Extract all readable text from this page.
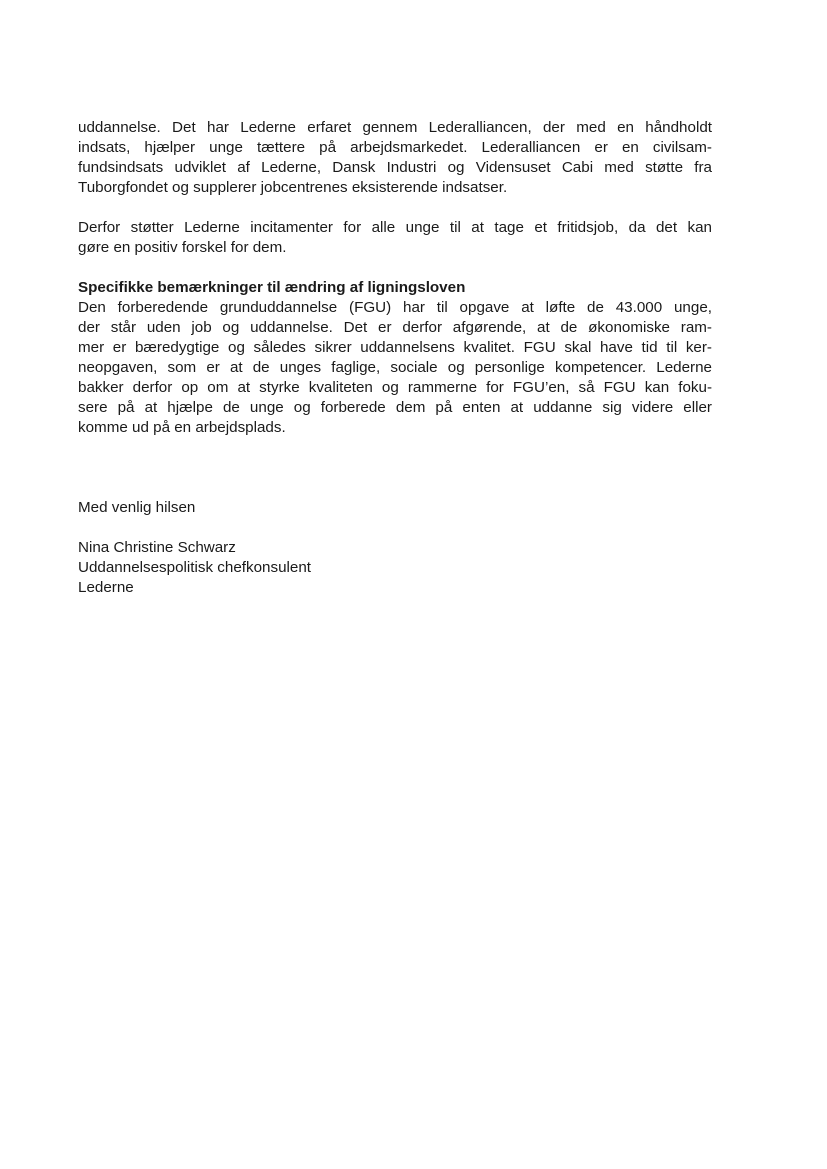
uddannelse. Det har Lederne erfaret gennem Lederalliancen, der med en håndholdt
indsats, hjælper unge tættere på arbejdsmarkedet. Lederalliancen er en civilsam-
fundsindsats udviklet af Lederne, Dansk Industri og Vidensuset Cabi med støtte fra
Tuborgfondet og supplerer jobcentrenes eksisterende indsatser.
Derfor støtter Lederne incitamenter for alle unge til at tage et fritidsjob, da det kan
gøre en positiv forskel for dem.
Specifikke bemærkninger til ændring af ligningsloven
Den forberedende grunduddannelse (FGU) har til opgave at løfte de 43.000 unge,
der står uden job og uddannelse. Det er derfor afgørende, at de økonomiske ram-
mer er bæredygtige og således sikrer uddannelsens kvalitet. FGU skal have tid til ker-
neopgaven, som er at de unges faglige, sociale og personlige kompetencer. Lederne
bakker derfor op om at styrke kvaliteten og rammerne for FGU’en, så FGU kan foku-
sere på at hjælpe de unge og forberede dem på enten at uddanne sig videre eller
komme ud på en arbejdsplads.
Med venlig hilsen
Nina Christine Schwarz
Uddannelsespolitisk chefkonsulent
Lederne
